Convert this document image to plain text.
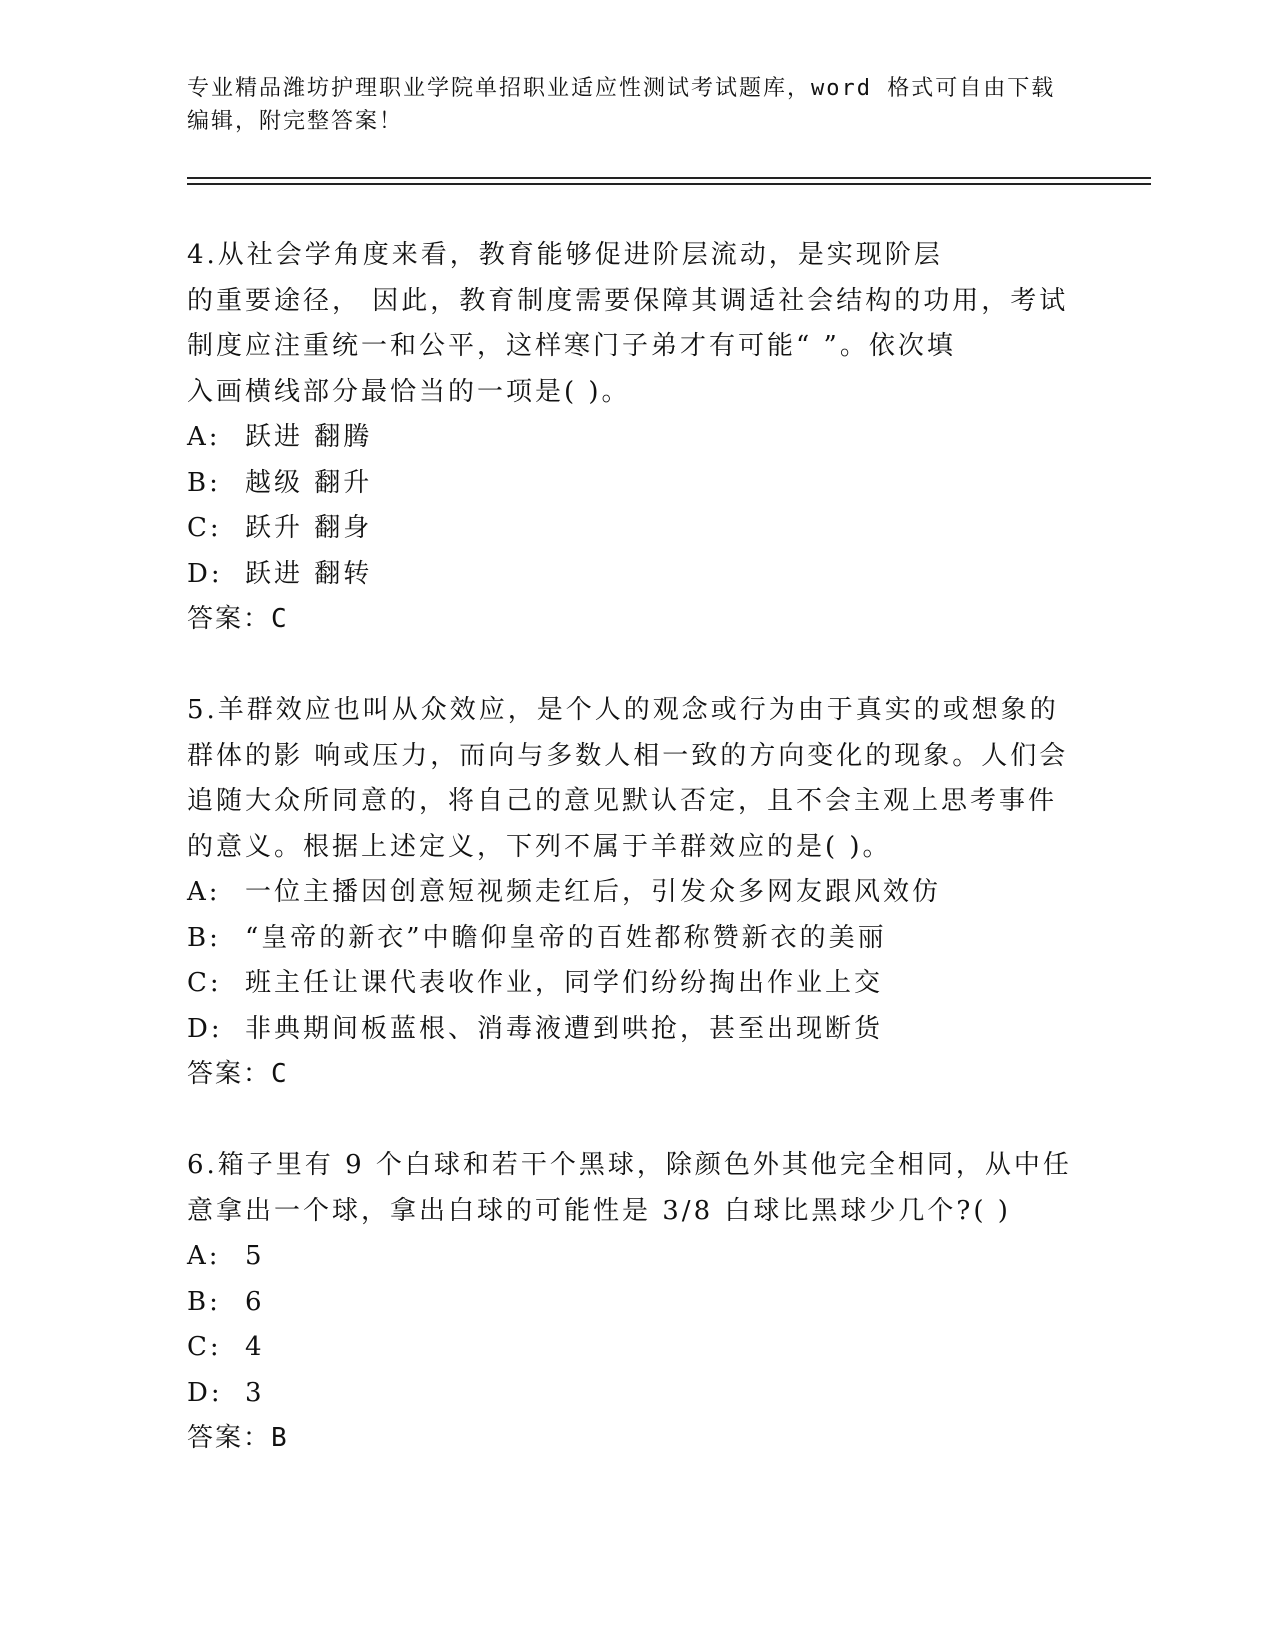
专业精品潍坊护理职业学院单招职业适应性测试考试题库，word 格式可自由下载
编辑，附完整答案！

4.从社会学角度来看，教育能够促进阶层流动，是实现阶层
的重要途径， 因此，教育制度需要保障其调适社会结构的功用，考试
制度应注重统一和公平，这样寒门子弟才有可能“ ”。依次填
入画横线部分最恰当的一项是( )。

A: 跃进 翻腾
B: 越级 翻升
C: 跃升 翻身
D: 跃进 翻转

答案：C

5.羊群效应也叫从众效应，是个人的观念或行为由于真实的或想象的
群体的影 响或压力，而向与多数人相一致的方向变化的现象。人们会
追随大众所同意的，将自己的意见默认否定，且不会主观上思考事件
的意义。根据上述定义，下列不属于羊群效应的是( )。

A: 一位主播因创意短视频走红后，引发众多网友跟风效仿
B: “皇帝的新衣”中瞻仰皇帝的百姓都称赞新衣的美丽
C: 班主任让课代表收作业，同学们纷纷掏出作业上交
D: 非典期间板蓝根、消毒液遭到哄抢，甚至出现断货

答案：C

6.箱子里有 9 个白球和若干个黑球，除颜色外其他完全相同，从中任
意拿出一个球，拿出白球的可能性是 3/8 白球比黑球少几个?( )

A: 5
B: 6
C: 4
D: 3

答案：B
